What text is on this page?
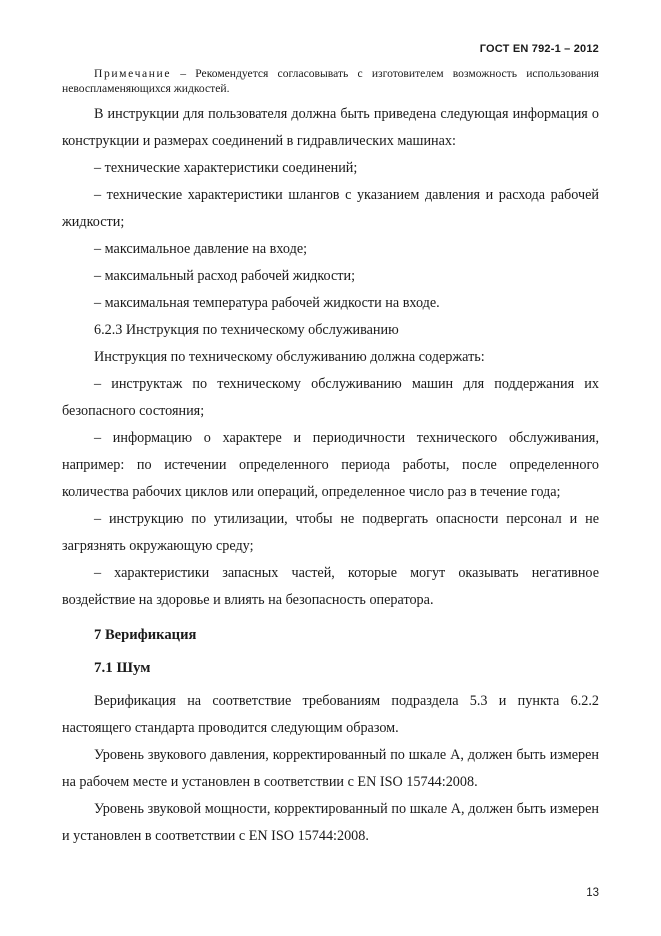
ГОСТ EN 792-1 – 2012

Примечание – Рекомендуется согласовывать с изготовителем возможность использования невоспламеняющихся жидкостей.

В инструкции для пользователя должна быть приведена следующая информация о конструкции и размерах соединений в гидравлических машинах:

– технические характеристики соединений;

– технические характеристики шлангов с указанием давления и расхода рабочей жидкости;

– максимальное давление на входе;

– максимальный расход рабочей жидкости;

– максимальная температура рабочей жидкости на входе.

6.2.3 Инструкция по техническому обслуживанию

Инструкция по техническому обслуживанию должна содержать:

– инструктаж по техническому обслуживанию машин для поддержания их безопасного состояния;

– информацию о характере и периодичности технического обслуживания, например: по истечении определенного периода работы, после определенного количества рабочих циклов или операций, определенное число раз в течение года;

– инструкцию по утилизации, чтобы не подвергать опасности персонал и не загрязнять окружающую среду;

– характеристики запасных частей, которые могут оказывать негативное воздействие на здоровье и влиять на безопасность оператора.

7 Верификация
7.1 Шум

Верификация на соответствие требованиям подраздела 5.3 и пункта 6.2.2 настоящего стандарта проводится следующим образом.

Уровень звукового давления, корректированный по шкале А, должен быть измерен на рабочем месте и установлен в соответствии с EN ISO 15744:2008.

Уровень звуковой мощности, корректированный по шкале А, должен быть измерен и установлен в соответствии с EN ISO 15744:2008.

13
